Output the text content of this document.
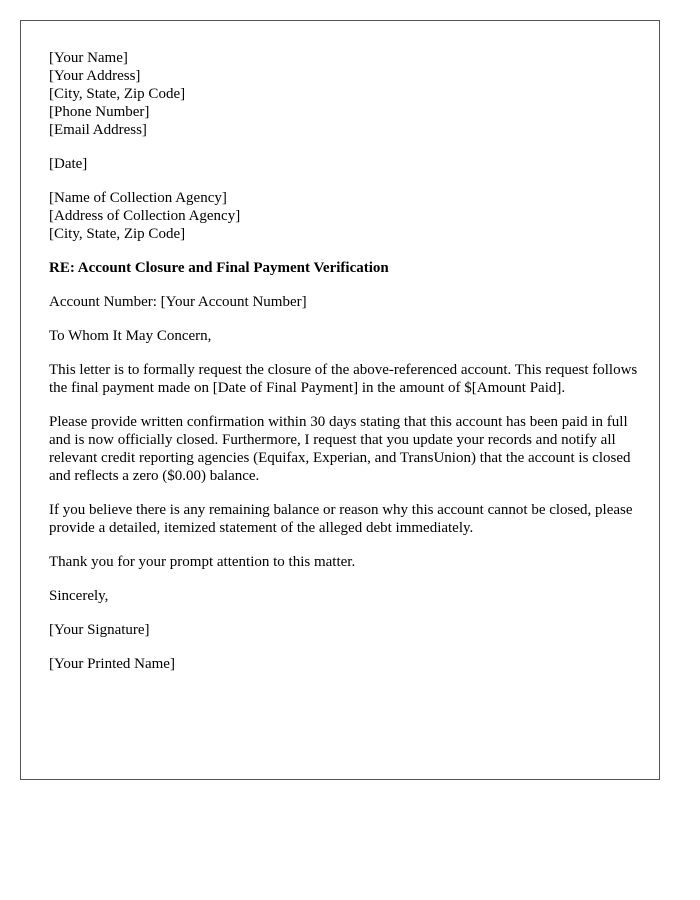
[Your Name]
[Your Address]
[City, State, Zip Code]
[Phone Number]
[Email Address]
[Date]
[Name of Collection Agency]
[Address of Collection Agency]
[City, State, Zip Code]

RE: Account Closure and Final Payment Verification

Account Number: [Your Account Number]

To Whom It May Concern,

This letter is to formally request the closure of the above-referenced account. This request follows the final payment made on [Date of Final Payment] in the amount of $[Amount Paid].

Please provide written confirmation within 30 days stating that this account has been paid in full and is now officially closed. Furthermore, I request that you update your records and notify all relevant credit reporting agencies (Equifax, Experian, and TransUnion) that the account is closed and reflects a zero ($0.00) balance.

If you believe there is any remaining balance or reason why this account cannot be closed, please provide a detailed, itemized statement of the alleged debt immediately.

Thank you for your prompt attention to this matter.

Sincerely,

[Your Signature]

[Your Printed Name]
